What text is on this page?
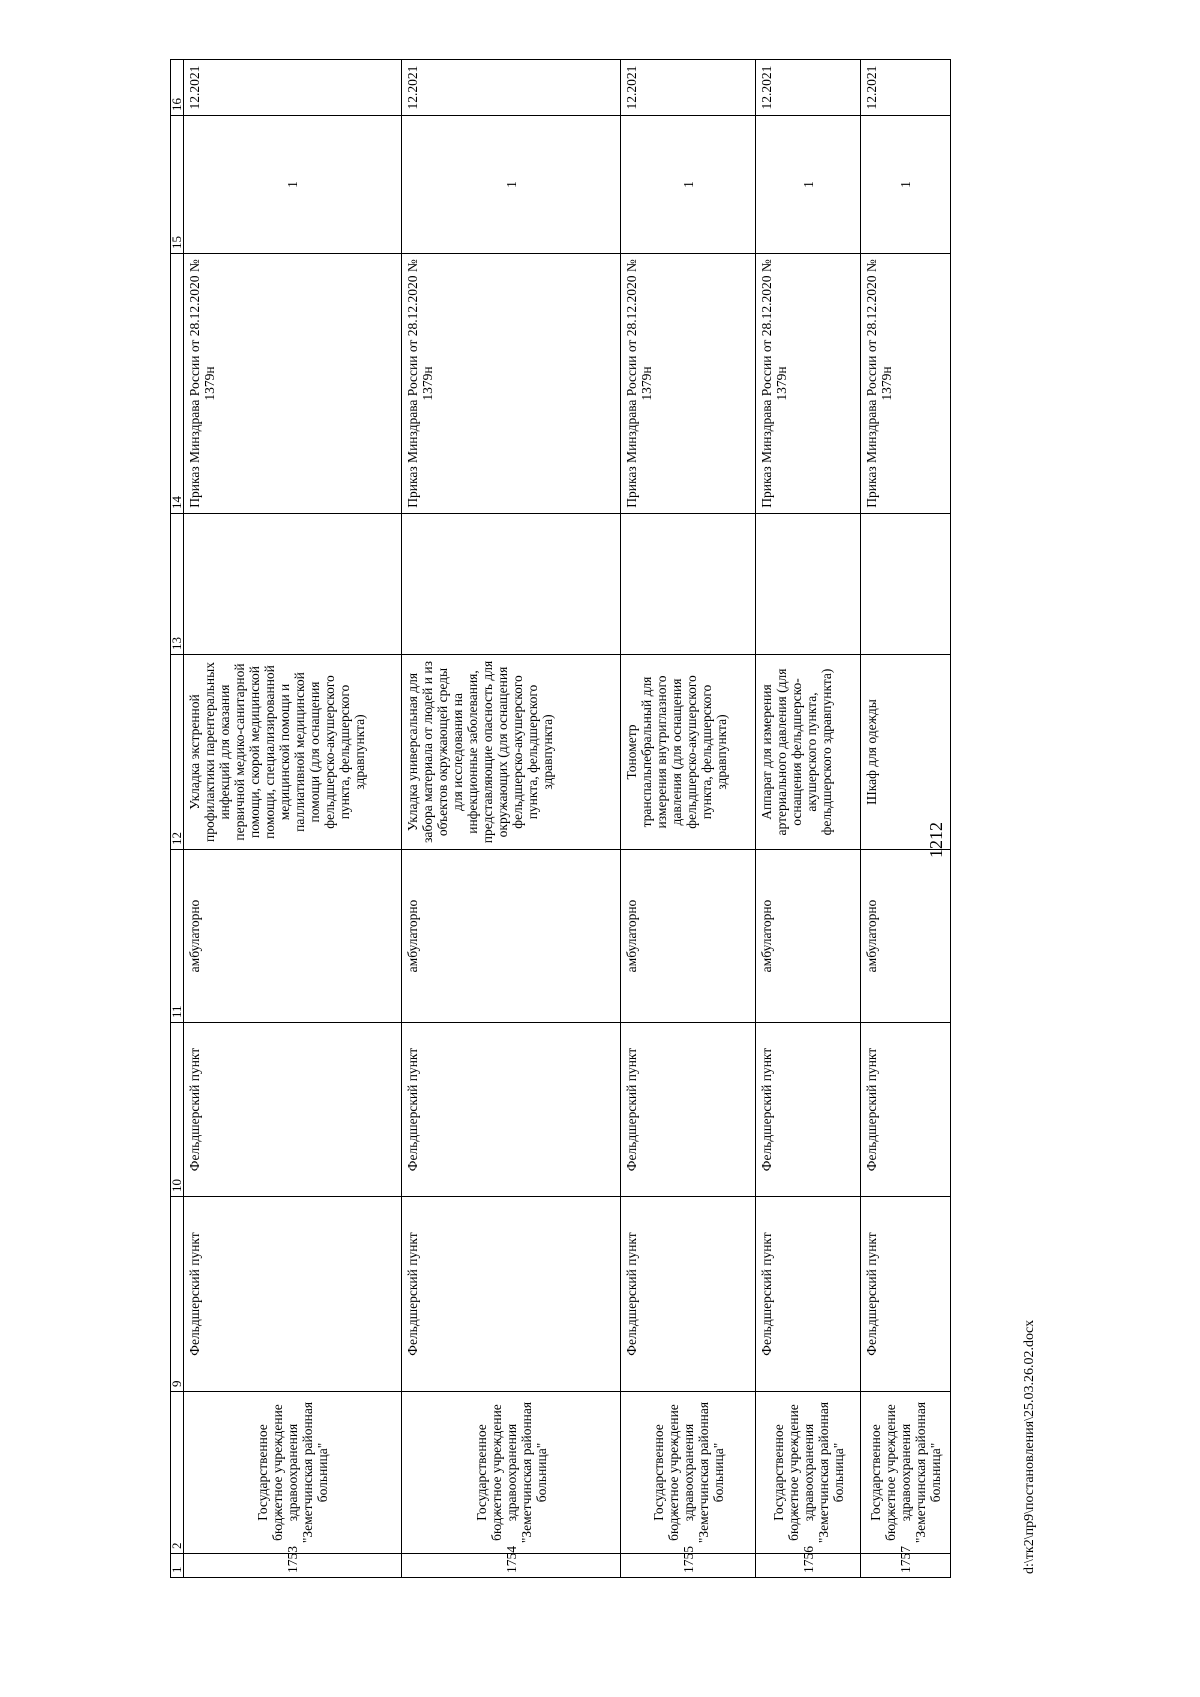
1	2	9	10	11	12	13	14	15	16
1753	Государственное бюджетное учреждение здравоохранения "Земетчинская районная больница"	Фельдшерский пункт	Фельдшерский пункт	амбулаторно	Укладка экстренной профилактики парентеральных инфекций для оказания первичной медико-санитарной помощи, скорой медицинской помощи, специализированной медицинской помощи и паллиативной медицинской помощи (для оснащения фельдшерско-акушерского пункта, фельдшерского здравпункта)		Приказ Минздрава России от 28.12.2020 № 1379н	1	12.2021
1754	Государственное бюджетное учреждение здравоохранения "Земетчинская районная больница"	Фельдшерский пункт	Фельдшерский пункт	амбулаторно	Укладка универсальная для забора материала от людей и из объектов окружающей среды для исследования на инфекционные заболевания, представляющие опасность для окружающих (для оснащения фельдшерско-акушерского пункта, фельдшерского здравпункта)		Приказ Минздрава России от 28.12.2020 № 1379н	1	12.2021
1755	Государственное бюджетное учреждение здравоохранения "Земетчинская районная больница"	Фельдшерский пункт	Фельдшерский пункт	амбулаторно	Тонометр транспальпебральный для измерения внутриглазного давления (для оснащения фельдшерско-акушерского пункта, фельдшерского здравпункта)		Приказ Минздрава России от 28.12.2020 № 1379н	1	12.2021
1756	Государственное бюджетное учреждение здравоохранения "Земетчинская районная больница"	Фельдшерский пункт	Фельдшерский пункт	амбулаторно	Аппарат для измерения артериального давления (для оснащения фельдшерско-акушерского пункта, фельдшерского здравпункта)		Приказ Минздрава России от 28.12.2020 № 1379н	1	12.2021
1757	Государственное бюджетное учреждение здравоохранения "Земетчинская районная больница"	Фельдшерский пункт	Фельдшерский пункт	амбулаторно	Шкаф для одежды		Приказ Минздрава России от 28.12.2020 № 1379н	1	12.2021
1212
d:\тк2\пр9\постановления\25.03.26.02.docx
